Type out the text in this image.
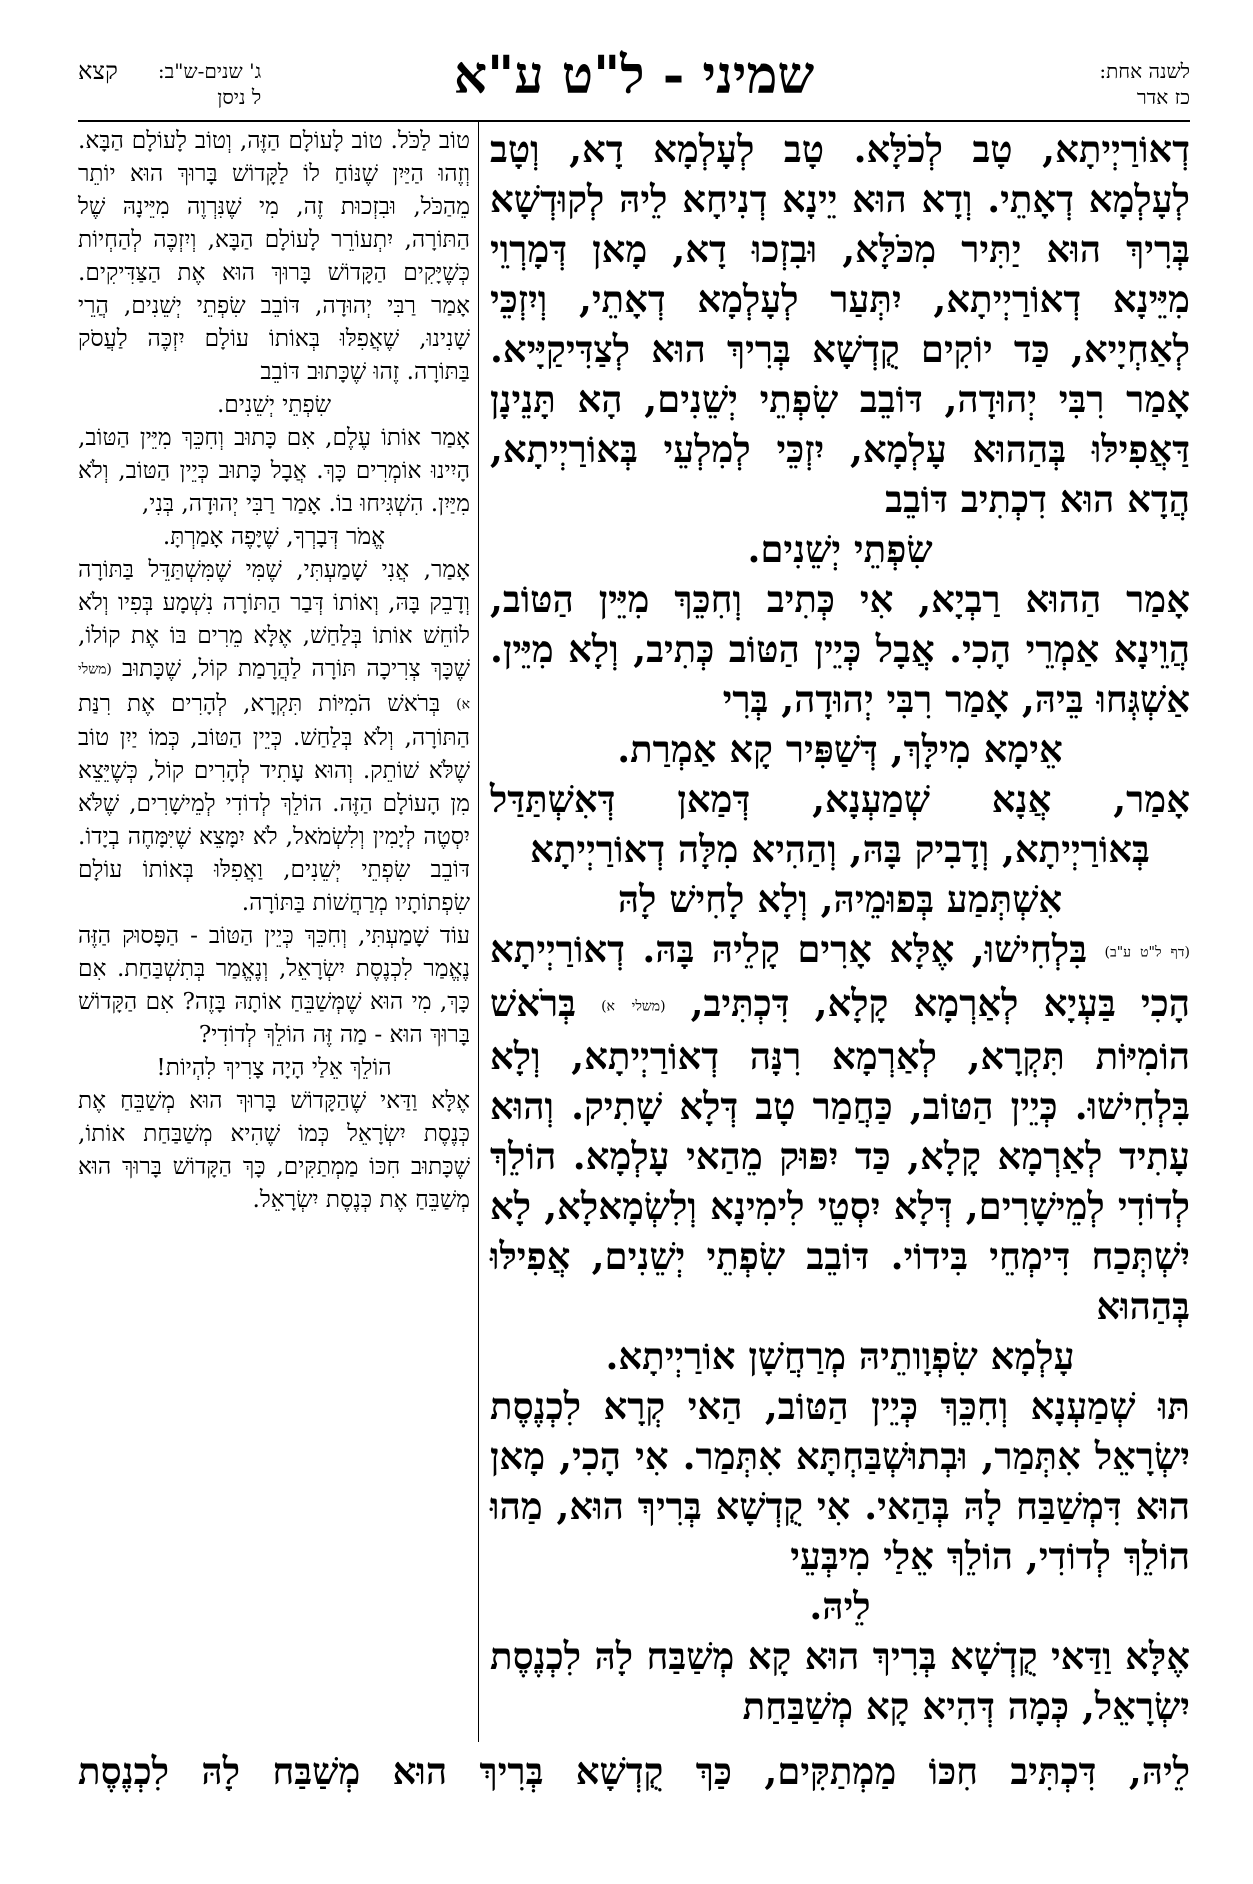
לשנה אחת:
כז אדר
שמיני - ל"ט ע"א
ג' שנים-ש"ב:
קצא
ל ניסן

דְאוֹרַיְיתָא, טָב לְכֹלָּא. טָב לְעָלְמָא דָא, וְטָב לְעָלְמָא דְאָתֵי. וְדָא הוּא יֵינָא דְנִיחָא לֵיהּ לְקוּדְשָׁא בְּרִיךְ הוּא יַתִּיר מִכֹּלָּא, וּבִזְכוּ דָא, מָאן דְּמָרְוֵי מִיֵּינָא דְאוֹרַיְיתָא, יִתְּעַר לְעָלְמָא דְאָתֵי, וְיִזְכֵּי לְאַחְיָיא, כַּד יוֹקִים קֻדְשָׁא בְּרִיךְ הוּא לְצַדִּיקַיָּיא. אָמַר רִבִּי יְהוּדָה, דּוֹבֵב שִׂפְתֵי יְשֵׁנִים, הָא תָּנֵינָן דַּאֲפִילּוּ בְּהַהוּא עָלְמָא, יִזְכֵּי לְמִלְעֵי בְּאוֹרַיְיתָא, הֲדָא הוּא דִכְתִיב דּוֹבֵב

שִׂפְתֵי יְשֵׁנִים.

אָמַר הַהוּא רַבְיָא, אִי כְּתִיב וְחִכֵּךְ מִיֵּין הַטּוֹב, הֲוֵינָא אַמְרֵי הָכִי. אֲבָל כְּיֵין הַטּוֹב כְּתִיב, וְלָא מִיֵּין. אַשְׁגְּחוּ בֵּיהּ, אָמַר רִבִּי יְהוּדָה, בְּרִי

אֵימָא מִילָּךְ, דְּשַׁפִּיר קָא אַמְרַת.

אָמַר, אֲנָא שְׁמַעְנָא, דְּמַאן דְּאִשְׁתַּדַּל

בְּאוֹרַיְיתָא, וְדָבִיק בָּהּ, וְהַהִיא מִלָּה דְאוֹרַיְיתָא אִשְׁתְּמַע בְּפוּמֵיהּ, וְלָא לָחִישׁ לָהּ

(דף ל"ט ע"ב) בִּלְחִישׁוּ, אֶלָּא אָרִים קָלֵיהּ בָּהּ. דְאוֹרַיְיתָא הָכִי בַּעְיָא לְאַרְמָא קָלָא, דִּכְתִּיב, (משלי א) בְּרֹאשׁ הוֹמִיּוֹת תִּקְרָא, לְאַרְמָא רִנָּה דְאוֹרַיְיתָא, וְלָא בִּלְחִישׁוּ. כְּיֵין הַטּוֹב, כַּחֲמַר טָב דְּלָא שָׁתִיק. וְהוּא עָתִיד לְאַרְמָא קָלָא, כַּד יִפּוּק מֵהַאי עָלְמָא. הוֹלֵךְ לְדוֹדִי לְמֵישָׁרִים, דְּלָא יִסְטֵי לִימִינָא וְלִשְׂמָאלָא, לָא יִשְׁתְּכַח דִּימְחֵי בִּידוֹי. דּוֹבֵב שִׂפְתֵי יְשֵׁנִים, אֲפִילּוּ בְּהַהוּא

עָלְמָא שִׂפְוָותֵיהּ מְרַחֲשָׁן אוֹרַיְיתָא.

תּוּ שְׁמַעְנָא וְחִכֵּךְ כְּיֵין הַטּוֹב, הַאי קְרָא לִכְנֶסֶת יִשְׂרָאֵל אִתְּמַר, וּבְתוּשְׁבַּחְתָּא אִתְּמַר. אִי הָכִי, מָאן הוּא דִּמְשַׁבַּח לָהּ בְּהַאי. אִי קֻדְשָׁא בְּרִיךְ הוּא, מַהוּ הוֹלֵךְ לְדוֹדִי, הוֹלֵךְ אֵלַי מִיבְּעֵי

לֵיהּ.

אֶלָּא וַדַּאי קֻדְשָׁא בְּרִיךְ הוּא קָא מְשַׁבַּח לָהּ לִכְנֶסֶת יִשְׂרָאֵל, כְּמָה דְּהִיא קָא מְשַׁבַּחַת

טוֹב לַכֹּל. טוֹב לָעוֹלָם הַזֶּה, וְטוֹב לָעוֹלָם הַבָּא. וְזֶהוּ הַיַּיִן שֶׁנּוֹחַ לוֹ לַקָּדוֹשׁ בָּרוּךְ הוּא יוֹתֵר מֵהַכֹּל, וּבִזְכוּת זֶה, מִי שֶׁנִּרְוֶה מִיֵּינָהּ שֶׁל הַתּוֹרָה, יִתְעוֹרֵר לָעוֹלָם הַבָּא, וְיִזְכֶּה לְהַחְיוֹת כְּשֶׁיָּקִים הַקָּדוֹשׁ בָּרוּךְ הוּא אֶת הַצַּדִּיקִים. אָמַר רַבִּי יְהוּדָה, דּוֹבֵב שִׂפְתֵי יְשֵׁנִים, הֲרֵי שָׁנִינוּ, שֶׁאֲפִלּוּ בְּאוֹתוֹ עוֹלָם יִזְכֶּה לַעֲסֹק בַּתּוֹרָה. זֶהוּ שֶׁכָּתוּב דּוֹבֵב

שִׂפְתֵי יְשֵׁנִים.

אָמַר אוֹתוֹ עֶלֶם, אִם כָּתוּב וְחִכֵּךְ מִיֵּין הַטּוֹב, הָיִינוּ אוֹמְרִים כָּךְ. אֲבָל כָּתוּב כְּיֵין הַטּוֹב, וְלֹא מִיַּיִן. הִשְׁגִּיחוּ בוֹ. אָמַר רַבִּי יְהוּדָה, בְּנִי,

אֱמֹר דְּבָרְךָ, שֶׁיָּפֶה אָמַרְתָּ.

אָמַר, אֲנִי שָׁמַעְתִּי, שֶׁמִּי שֶׁמִּשְׁתַּדֵּל בַּתּוֹרָה וְדָבֵק בָּהּ, וְאוֹתוֹ דְּבַר הַתּוֹרָה נִשְׁמָע בְּפִיו וְלֹא לוֹחֵשׁ אוֹתוֹ בְּלַחַשׁ, אֶלָּא מֵרִים בּוֹ אֶת קוֹלוֹ, שֶׁכָּךְ צְרִיכָה תּוֹרָה לַהֲרָמַת קוֹל, שֶׁכָּתוּב (משלי א) בְּרֹאשׁ הֹמִיּוֹת תִּקְרָא, לְהָרִים אֶת רִנַּת הַתּוֹרָה, וְלֹא בְּלַחַשׁ. כְּיֵין הַטּוֹב, כְּמוֹ יַיִן טוֹב שֶׁלֹּא שׁוֹתֵק. וְהוּא עָתִיד לְהָרִים קוֹל, כְּשֶׁיֵּצֵא מִן הָעוֹלָם הַזֶּה. הוֹלֵךְ לְדוֹדִי לְמֵישָׁרִים, שֶׁלֹּא יִסְטֶה לְיָמִין וְלִשְׂמֹאל, לֹא יִמָּצֵא שֶׁיִּמָּחֶה בְיָדוֹ. דּוֹבֵב שִׂפְתֵי יְשֵׁנִים, וַאֲפִלּוּ בְּאוֹתוֹ עוֹלָם שִׂפְתוֹתָיו מְרַחֲשׁוֹת בַּתּוֹרָה.

עוֹד שָׁמַעְתִּי, וְחִכֵּךְ כְּיֵין הַטּוֹב - הַפָּסוּק הַזֶּה נֶאֱמַר לִכְנֶסֶת יִשְׂרָאֵל, וְנֶאֱמַר בְּתִשְׁבַּחַת. אִם כָּךְ, מִי הוּא שֶׁמְּשַׁבֵּחַ אוֹתָהּ בָּזֶה? אִם הַקָּדוֹשׁ בָּרוּךְ הוּא - מַה זֶּה הוֹלֵךְ לְדוֹדִי?

הוֹלֵךְ אֵלַי הָיָה צָרִיךְ לִהְיוֹת!

אֶלָּא וַדַּאי שֶׁהַקָּדוֹשׁ בָּרוּךְ הוּא מְשַׁבֵּחַ אֶת כְּנֶסֶת יִשְׂרָאֵל כְּמוֹ שֶׁהִיא מְשַׁבַּחַת אוֹתוֹ, שֶׁכָּתוּב חִכּוֹ מַמְתַקִּים, כָּךְ הַקָּדוֹשׁ בָּרוּךְ הוּא מְשַׁבֵּחַ אֶת כְּנֶסֶת יִשְׂרָאֵל.

לֵיהּ, דִּכְתִּיב חִכּוֹ מַמְתַקִּים, כַּךְ קֻדְשָׁא בְּרִיךְ הוּא מְשַׁבַּח לָהּ לִכְנֶסֶת
